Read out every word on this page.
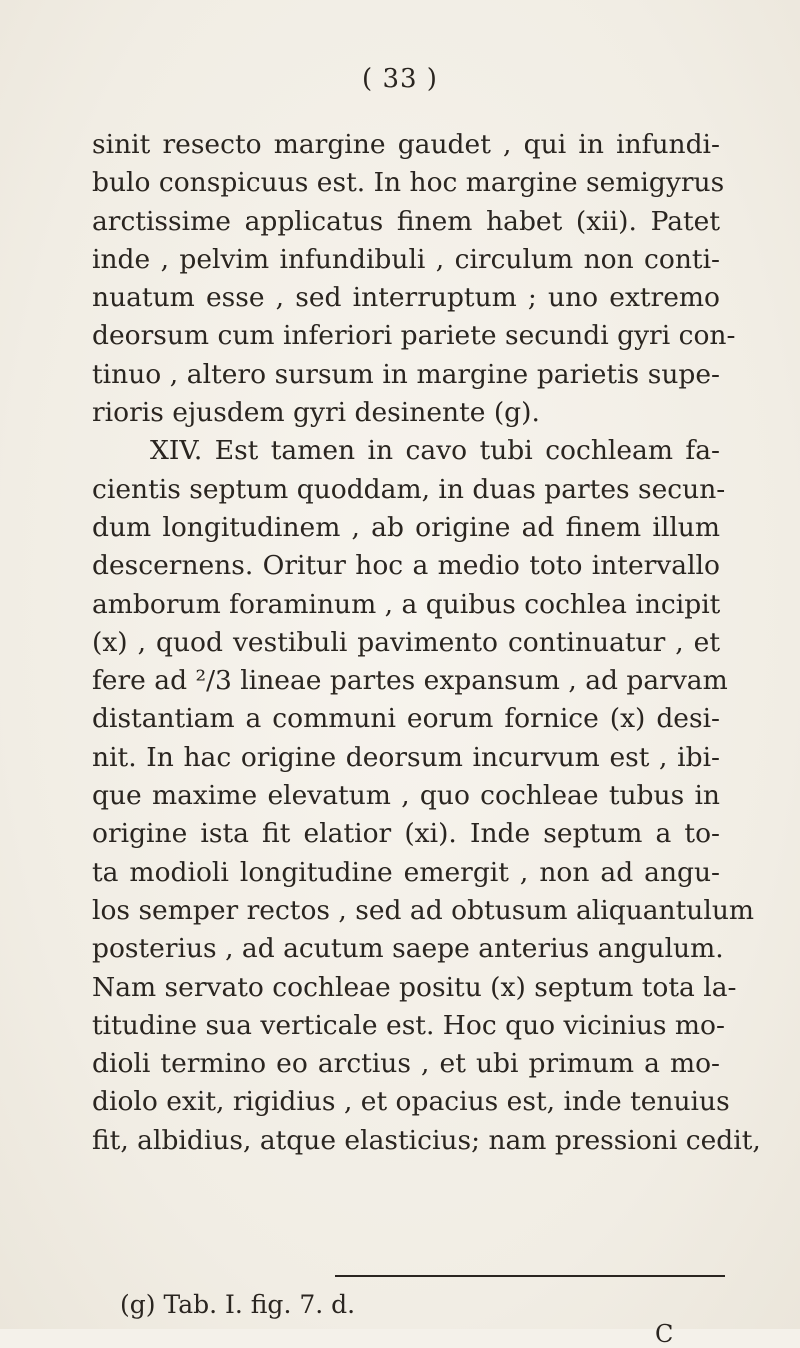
( 33 )
sinit resecto margine gaudet , qui in infundi-
bulo conspicuus est. In hoc margine semigyrus
arctissime applicatus finem habet (xii). Patet
inde , pelvim infundibuli , circulum non conti-
nuatum esse , sed interruptum ; uno extremo
deorsum cum inferiori pariete secundi gyri con-
tinuo , altero sursum in margine parietis supe-
rioris ejusdem gyri desinente (g).
XIV. Est tamen in cavo tubi cochleam fa-
cientis septum quoddam, in duas partes secun-
dum longitudinem , ab origine ad finem illum
descernens. Oritur hoc a medio toto intervallo
amborum foraminum , a quibus cochlea incipit
(x) , quod vestibuli pavimento continuatur , et
fere ad ²/3 lineae partes expansum , ad parvam
distantiam a communi eorum fornice (x) desi-
nit. In hac origine deorsum incurvum est , ibi-
que maxime elevatum , quo cochleae tubus in
origine ista fit elatior (xi). Inde septum a to-
ta modioli longitudine emergit , non ad angu-
los semper rectos , sed ad obtusum aliquantulum
posterius , ad acutum saepe anterius angulum.
Nam servato cochleae positu (x) septum tota la-
titudine sua verticale est. Hoc quo vicinius mo-
dioli termino eo arctius , et ubi primum a mo-
diolo exit, rigidius , et opacius est, inde tenuius
fit, albidius, atque elasticius; nam pressioni cedit,
(g) Tab. I. fig. 7. d.
C
